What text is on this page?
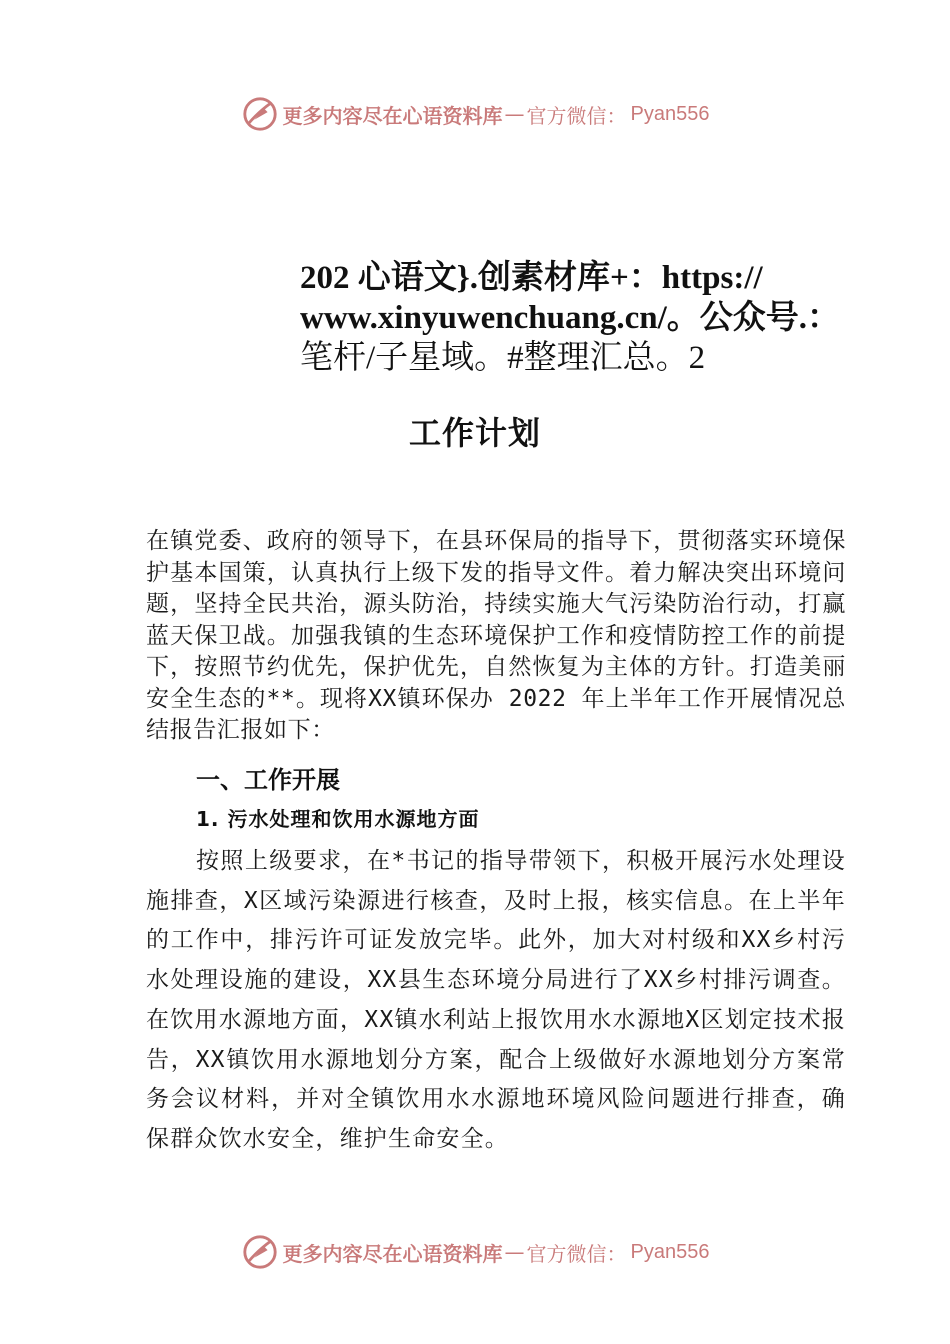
更多内容尽在心语资料库 — 官方微信： Pyan556
202 心语文}.创素材库+：https://
www.xinyuwenchuang.cn/。公众号.：
笔杆/子星域。#整理汇总。2
工作计划
在镇党委、政府的领导下，在县环保局的指导下，贯彻落实环境保护基本国策，认真执行上级下发的指导文件。着力解决突出环境问题，坚持全民共治，源头防治，持续实施大气污染防治行动，打赢蓝天保卫战。加强我镇的生态环境保护工作和疫情防控工作的前提下，按照节约优先，保护优先，自然恢复为主体的方针。打造美丽安全生态的**。现将XX镇环保办 2022 年上半年工作开展情况总结报告汇报如下：
一、工作开展
1. 污水处理和饮用水源地方面
按照上级要求，在*书记的指导带领下，积极开展污水处理设施排查，X区域污染源进行核查，及时上报，核实信息。在上半年的工作中，排污许可证发放完毕。此外，加大对村级和XX乡村污水处理设施的建设，XX县生态环境分局进行了XX乡村排污调查。在饮用水源地方面，XX镇水利站上报饮用水水源地X区划定技术报告，XX镇饮用水源地划分方案，配合上级做好水源地划分方案常务会议材料，并对全镇饮用水水源地环境风险问题进行排查，确保群众饮水安全，维护生命安全。
更多内容尽在心语资料库 — 官方微信： Pyan556
